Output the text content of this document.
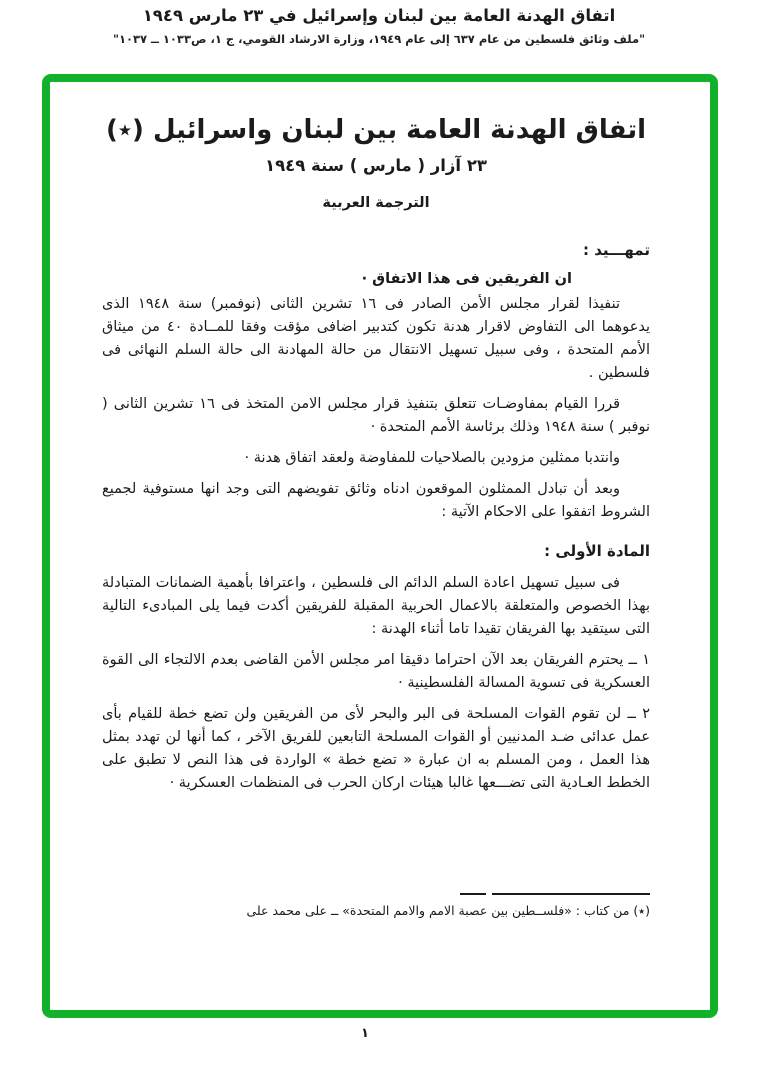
اتفاق الهدنة العامة بين لبنان وإسرائيل في ٢٣ مارس ١٩٤٩
"ملف وثائق فلسطين من عام ٦٣٧ إلى عام ١٩٤٩، وزارة الارشاد القومي، ج ١، ص١٠٣٣ ــ ١٠٣٧"
اتفاق الهدنة العامة بين لبنان واسرائيل (٭)
٢٣ آزار ( مارس ) سنة ١٩٤٩
الترجمة العربية
تمهـــيد :
ان الفريقين فى هذا الاتفاق ·

تنفيذا لقرار مجلس الأمن الصادر فى ١٦ تشرين الثانى (نوفمبر) سنة ١٩٤٨ الذى يدعوهما الى التفاوض لاقرار هدنة تكون كتدبير اضافى مؤقت وفقا للمــادة ٤٠ من ميثاق الأمم المتحدة ، وفى سبيل تسهيل الانتقال من حالة المهادنة الى حالة السلم النهائى فى فلسطين .

قررا القيام بمفاوضـات تتعلق بتنفيذ قرار مجلس الامن المتخذ فى ١٦ تشرين الثانى ( نوفبر ) سنة ١٩٤٨ وذلك برئاسة الأمم المتحدة ·

وانتدبا ممثلين مزودين بالصلاحيات للمفاوضة ولعقد اتفاق هدنة ·

وبعد أن تبادل الممثلون الموقعون ادناه وثائق تفويضهم التى وجد انها مستوفية لجميع الشروط اتفقوا على الاحكام الآتية :

المادة الأولى :

فى سبيل تسهيل اعادة السلم الدائم الى فلسطين ، واعترافا بأهمية الضمانات المتبادلة بهذا الخصوص والمتعلقة بالاعمال الحربية المقبلة للفريقين أكدت فيما يلى المبادىء التالية التى سيتقيد بها الفريقان تقيدا تاما أثناء الهدنة :

١ ــ يحترم الفريقان بعد الآن احتراما دقيقا امر مجلس الأمن القاضى بعدم الالتجاء الى القوة العسكرية فى تسوية المسالة الفلسطينية ·

٢ ــ لن تقوم القوات المسلحة فى البر والبحر لأى من الفريقين ولن تضع خطة للقيام بأى عمل عدائى ضـد المدنيين أو القوات المسلحة التابعين للفريق الآخر ، كما أنها لن تهدد بمثل هذا العمل ، ومن المسلم به ان عبارة « تضع خطة » الواردة فى هذا النص لا تطبق على الخطط العـادية التى تضـــعها غالبا هيئات اركان الحرب فى المنظمات العسكرية ·

(٭) من كتاب : «فلســطين بين عصبة الامم والامم المتحدة» ــ على محمد على
١
